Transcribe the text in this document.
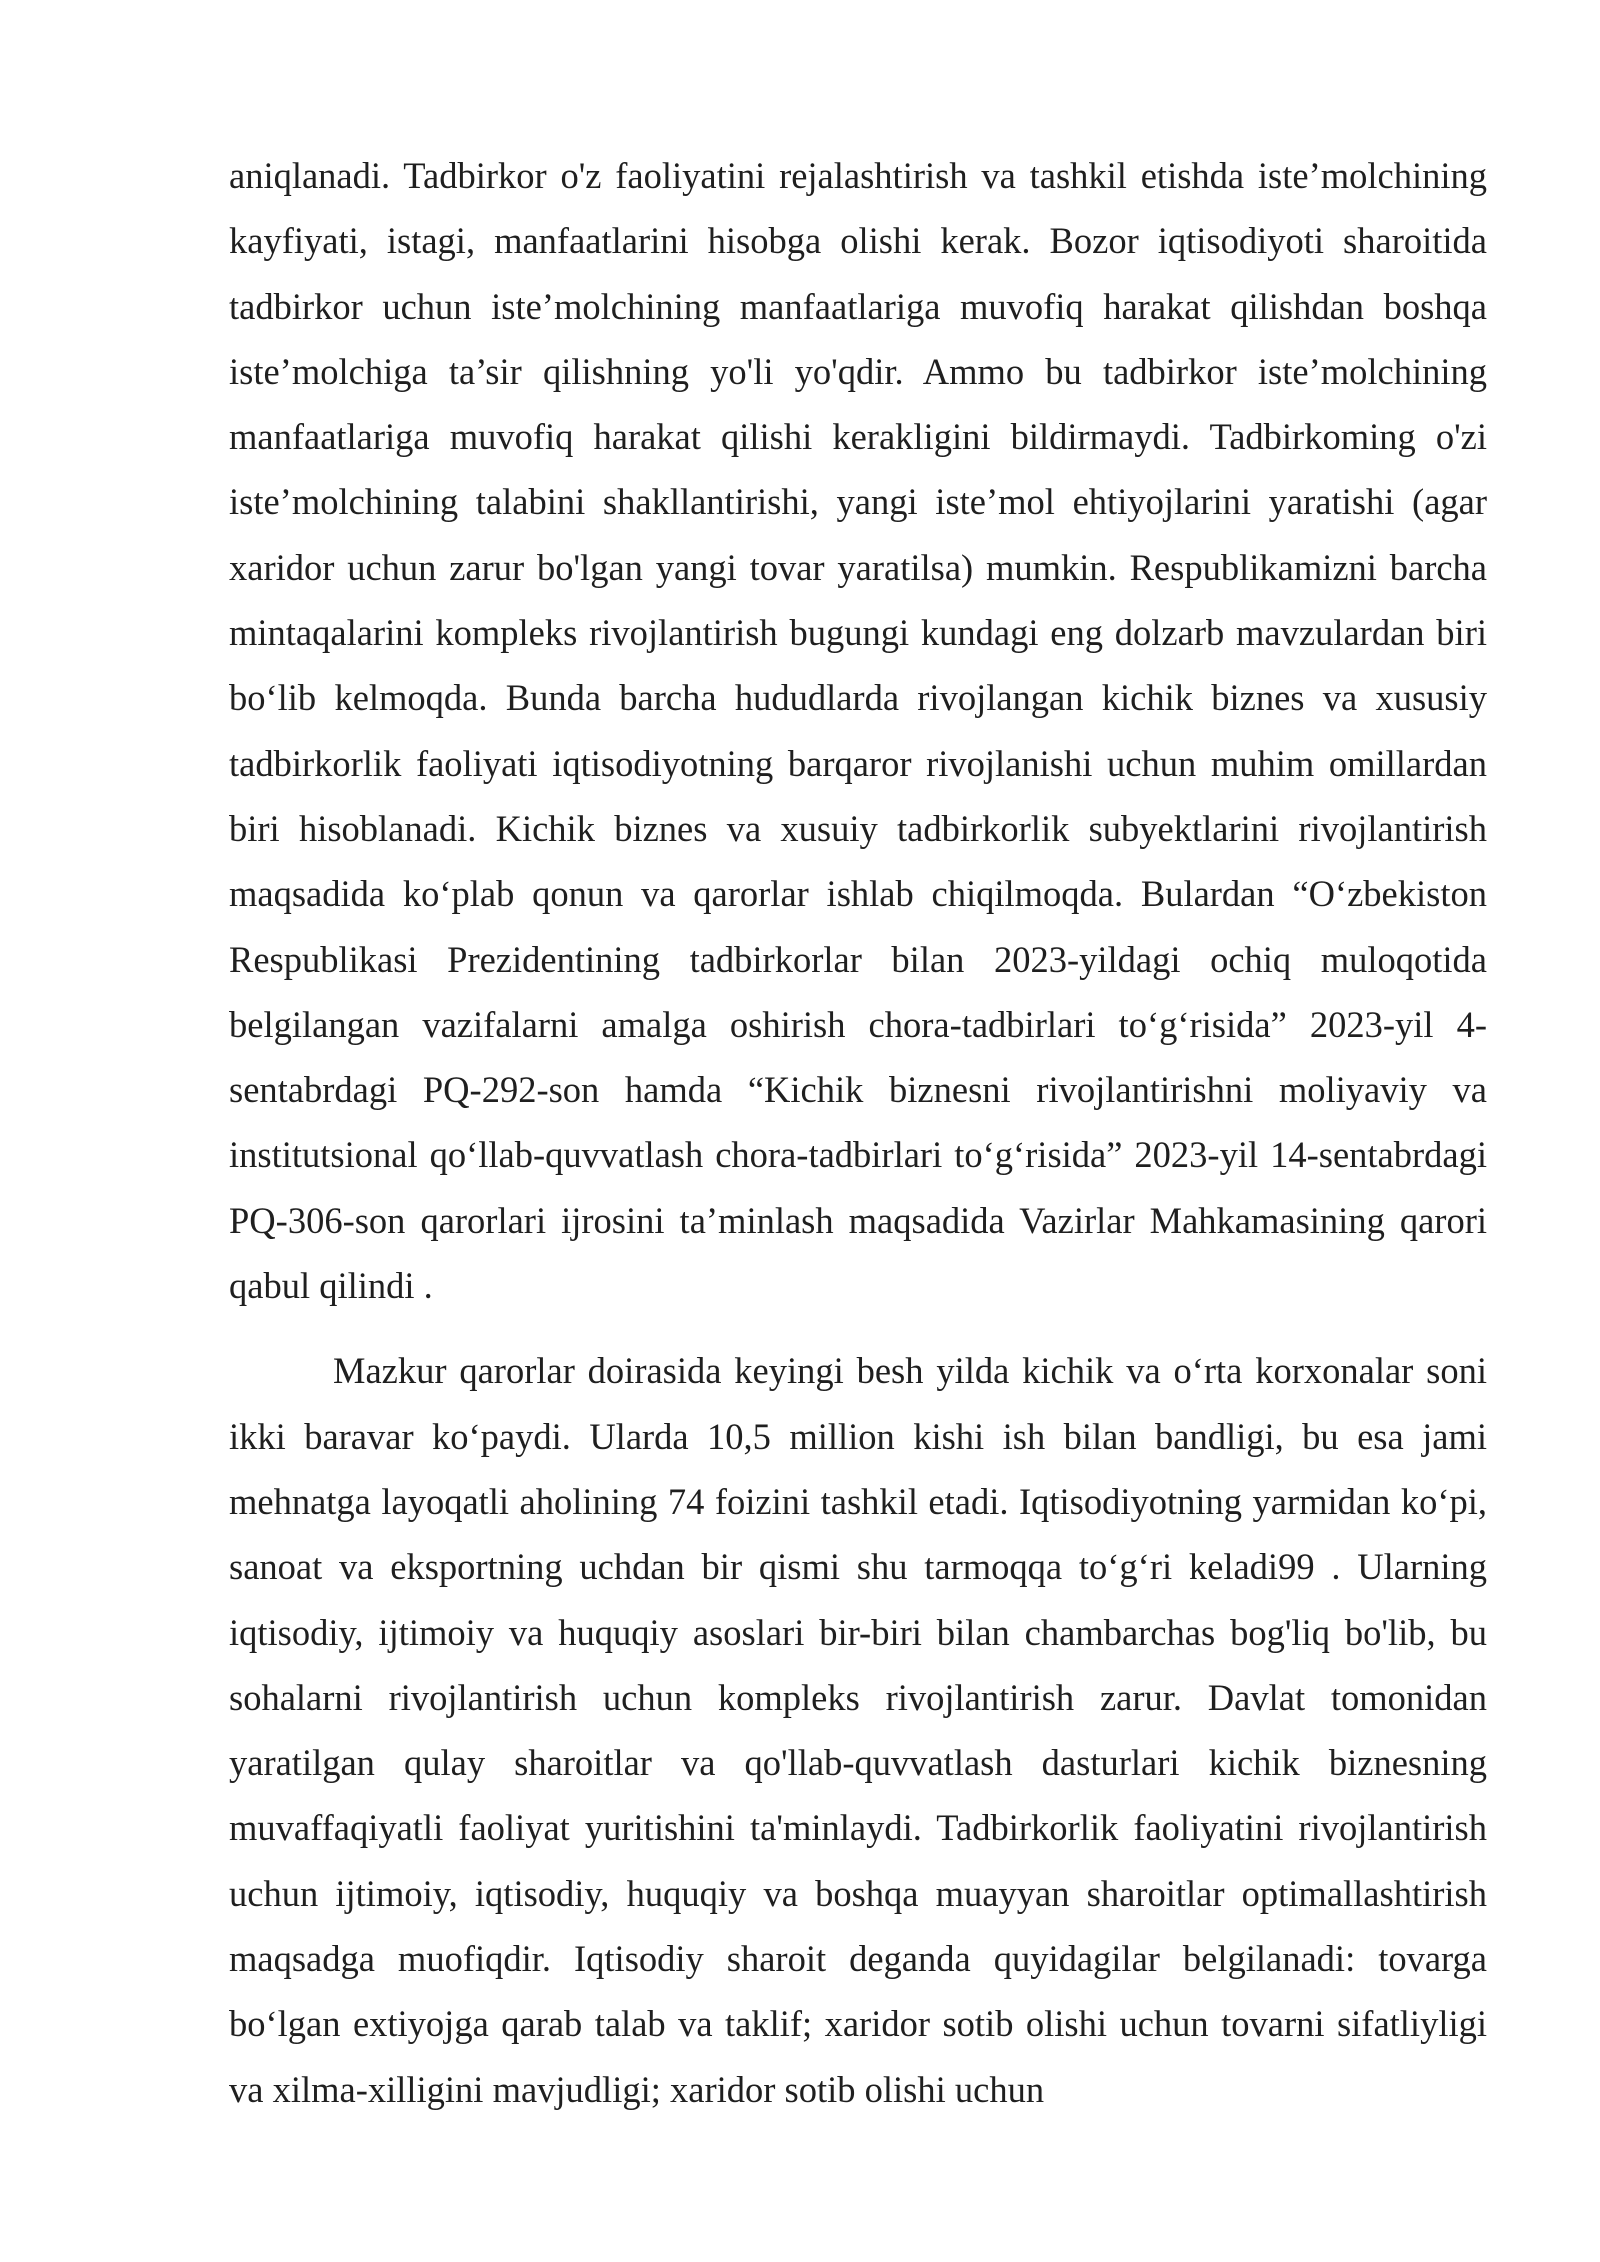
aniqlanadi. Tadbirkor o'z faoliyatini rejalashtirish va tashkil etishda iste’molchining kayfiyati, istagi, manfaatlarini hisobga olishi kerak. Bozor iqtisodiyoti sharoitida tadbirkor uchun iste’molchining manfaatlariga muvofiq harakat qilishdan boshqa iste’molchiga ta’sir qilishning yo'li yo'qdir. Ammo bu tadbirkor iste’molchining manfaatlariga muvofiq harakat qilishi kerakligini bildirmaydi. Tadbirkoming o'zi iste’molchining talabini shakllantirishi, yangi iste’mol ehtiyojlarini yaratishi (agar xaridor uchun zarur bo'lgan yangi tovar yaratilsa) mumkin. Respublikamizni barcha mintaqalarini kompleks rivojlantirish bugungi kundagi eng dolzarb mavzulardan biri bo‘lib kelmoqda. Bunda barcha hududlarda rivojlangan kichik biznes va xususiy tadbirkorlik faoliyati iqtisodiyotning barqaror rivojlanishi uchun muhim omillardan biri hisoblanadi. Kichik biznes va xusuiy tadbirkorlik subyektlarini rivojlantirish maqsadida ko‘plab qonun va qarorlar ishlab chiqilmoqda. Bulardan “O‘zbekiston Respublikasi Prezidentining tadbirkorlar bilan 2023-yildagi ochiq muloqotida belgilangan vazifalarni amalga oshirish chora-tadbirlari to‘g‘risida” 2023-yil 4-sentabrdagi PQ-292-son hamda “Kichik biznesni rivojlantirishni moliyaviy va institutsional qo‘llab-quvvatlash chora-tadbirlari to‘g‘risida” 2023-yil 14-sentabrdagi PQ-306-son qarorlari ijrosini ta’minlash maqsadida Vazirlar Mahkamasining qarori qabul qilindi .

Mazkur qarorlar doirasida keyingi besh yilda kichik va o‘rta korxonalar soni ikki baravar ko‘paydi. Ularda 10,5 million kishi ish bilan bandligi, bu esa jami mehnatga layoqatli aholining 74 foizini tashkil etadi. Iqtisodiyotning yarmidan ko‘pi, sanoat va eksportning uchdan bir qismi shu tarmoqqa to‘g‘ri keladi99 . Ularning iqtisodiy, ijtimoiy va huquqiy asoslari bir-biri bilan chambarchas bog'liq bo'lib, bu sohalarni rivojlantirish uchun kompleks rivojlantirish zarur. Davlat tomonidan yaratilgan qulay sharoitlar va qo'llab-quvvatlash dasturlari kichik biznesning muvaffaqiyatli faoliyat yuritishini ta'minlaydi. Tadbirkorlik faoliyatini rivojlantirish uchun ijtimoiy, iqtisodiy, huquqiy va boshqa muayyan sharoitlar optimallashtirish maqsadga muofiqdir. Iqtisodiy sharoit deganda quyidagilar belgilanadi: tovarga bo‘lgan extiyojga qarab talab va taklif; xaridor sotib olishi uchun tovarni sifatliyligi va xilma-xilligini mavjudligi; xaridor sotib olishi uchun
